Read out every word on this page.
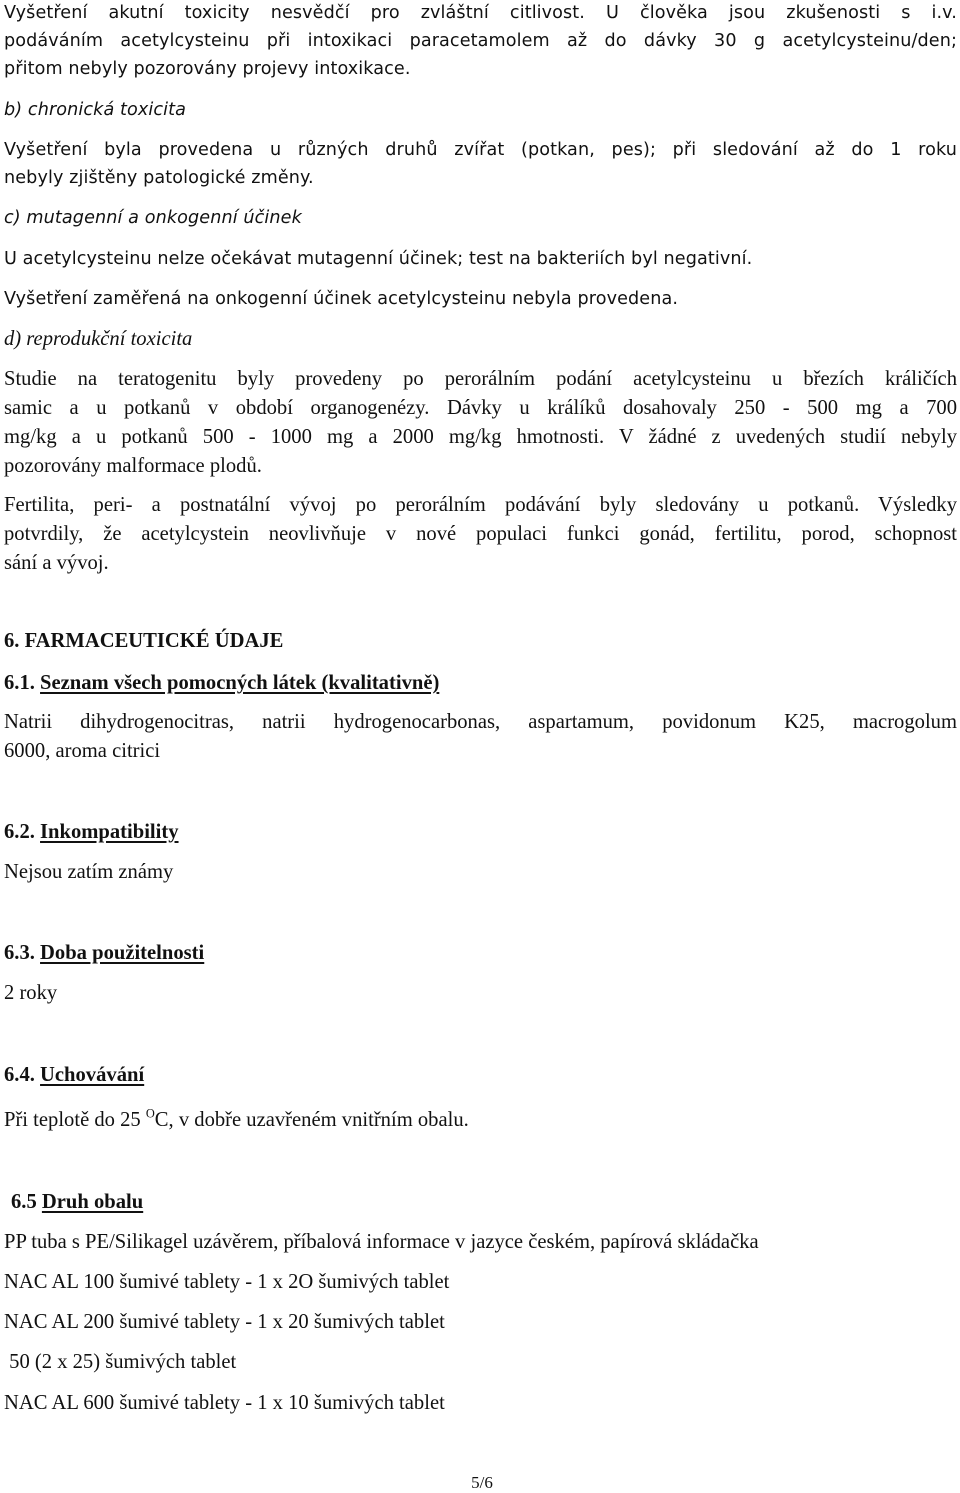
Vyšetření akutní toxicity nesvědčí pro zvláštní citlivost. U člověka jsou zkušenosti s i.v.
podáváním acetylcysteinu při intoxikaci paracetamolem až do dávky 30 g acetylcysteinu/den;
přitom nebyly pozorovány projevy intoxikace.
b) chronická toxicita
Vyšetření byla provedena u různých druhů zvířat (potkan, pes); při sledování až do 1 roku
nebyly zjištěny patologické změny.
c) mutagenní a onkogenní účinek
U acetylcysteinu nelze očekávat mutagenní účinek; test na bakteriích byl negativní.
Vyšetření zaměřená na onkogenní účinek acetylcysteinu nebyla provedena.
d) reprodukční toxicita
Studie na teratogenitu byly provedeny po perorálním podání acetylcysteinu u březích králičích
samic a u potkanů v období organogenézy. Dávky u králíků dosahovaly 250 - 500 mg a 700
mg/kg a u potkanů 500 - 1000 mg a 2000 mg/kg hmotnosti. V žádné z uvedených studií nebyly
pozorovány malformace plodů.
Fertilita, peri- a postnatální vývoj po perorálním podávání byly sledovány u potkanů. Výsledky
potvrdily, že acetylcystein neovlivňuje v nové populaci funkci gonád, fertilitu, porod, schopnost
sání a vývoj.
6. FARMACEUTICKÉ ÚDAJE
6.1. Seznam všech pomocných látek (kvalitativně)
Natrii dihydrogenocitras, natrii hydrogenocarbonas, aspartamum, povidonum K25, macrogolum
6000, aroma citrici
6.2. Inkompatibility
Nejsou zatím známy
6.3. Doba použitelnosti
2 roky
6.4. Uchovávání
Při teplotě do 25 $^O$C, v dobře uzavřeném vnitřním obalu.
6.5 Druh obalu
PP tuba s PE/Silikagel uzávěrem, příbalová informace v jazyce českém, papírová skládačka
NAC AL 100 šumivé tablety - 1 x 2O šumivých tablet
NAC AL 200 šumivé tablety - 1 x 20 šumivých tablet
50 (2 x 25) šumivých tablet
NAC AL 600 šumivé tablety - 1 x 10 šumivých tablet
5/6
